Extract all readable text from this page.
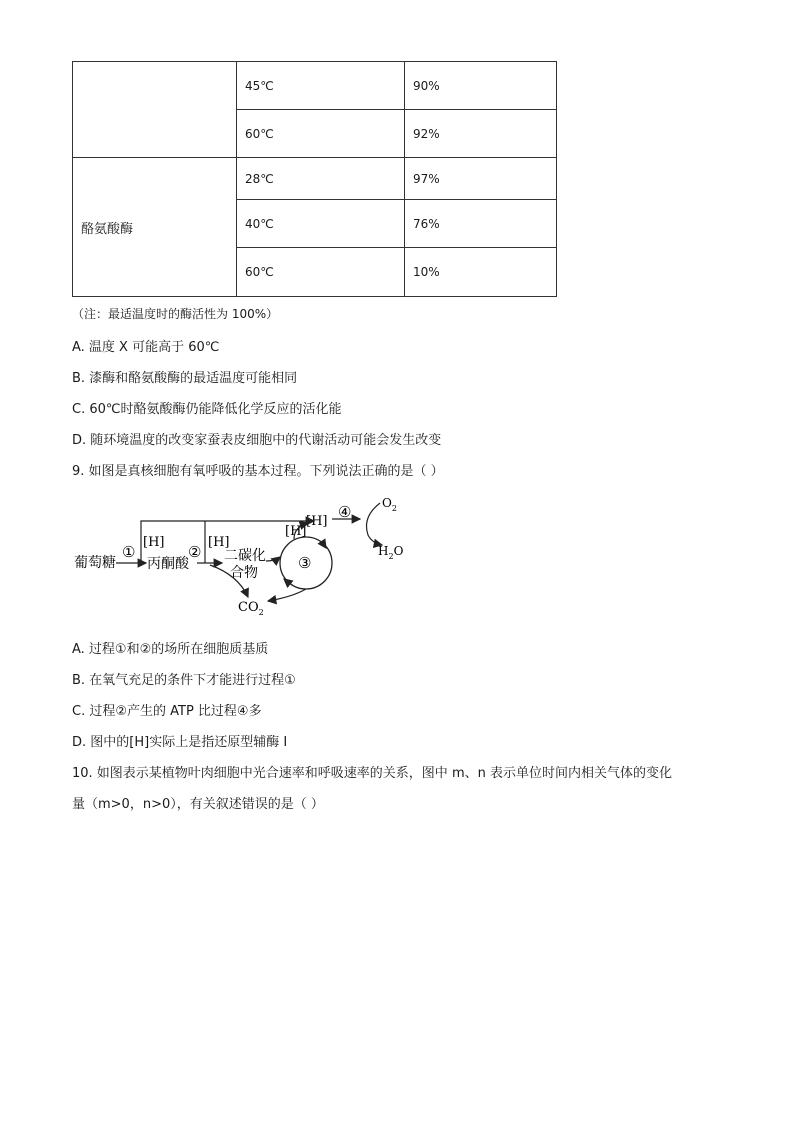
	45℃	90%
	60℃	92%
酪氨酸酶	28℃	97%
	40℃	76%
	60℃	10%
（注：最适温度时的酶活性为 100%）
A. 温度 X 可能高于 60℃
B. 漆酶和酪氨酸酶的最适温度可能相同
C. 60℃时酪氨酸酶仍能降低化学反应的活化能
D. 随环境温度的改变家蚕表皮细胞中的代谢活动可能会发生改变
9. 如图是真核细胞有氧呼吸的基本过程。下列说法正确的是（ ）
葡萄糖
①
[H]
丙酮酸
②
[H]
二碳化
合物
[H]
[H]
④
③
$O_2$
$H_2O$
$CO_2$
A. 过程①和②的场所在细胞质基质
B. 在氧气充足的条件下才能进行过程①
C. 过程②产生的 ATP 比过程④多
D. 图中的[H]实际上是指还原型辅酶 I
10. 如图表示某植物叶肉细胞中光合速率和呼吸速率的关系，图中 m、n 表示单位时间内相关气体的变化
量（m>0，n>0），有关叙述错误的是（ ）
